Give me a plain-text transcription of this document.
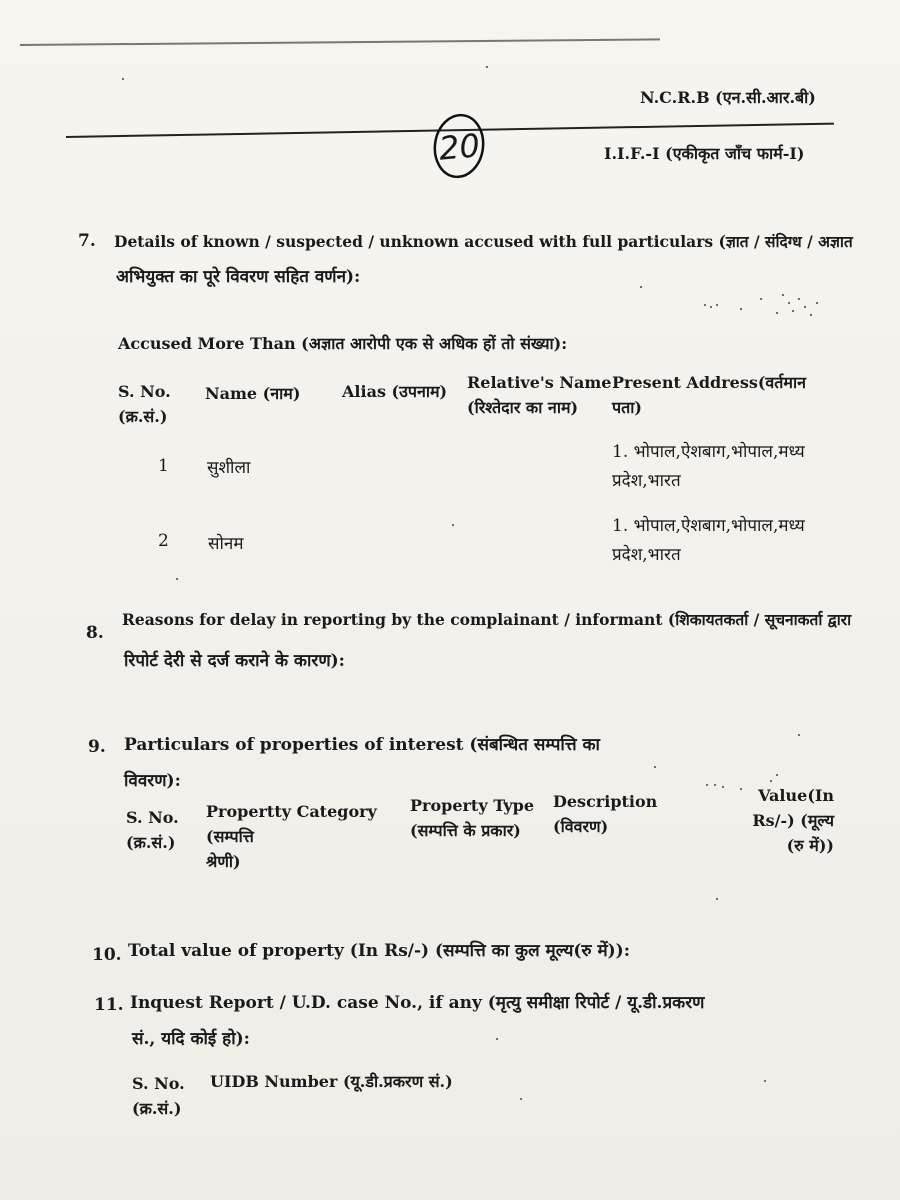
N.C.R.B (एन.सी.आर.बी)
20	I.I.F.-I (एकीकृत जाँच फार्म-I)
7. Details of known / suspected / unknown accused with full particulars (ज्ञात / संदिग्ध / अज्ञात
अभियुक्त का पूरे विवरण सहित वर्णन):
Accused More Than (अज्ञात आरोपी एक से अधिक हों तो संख्या):
S. No.
(क्र.सं.)
Name (नाम)	Alias (उपनाम) Relative's Name
(रिश्तेदार का नाम)
Present Address(वर्तमान
पता)
1 सुशीला
1. भोपाल,ऐशबाग,भोपाल,मध्य
प्रदेश,भारत
2 सोनम
1. भोपाल,ऐशबाग,भोपाल,मध्य
प्रदेश,भारत
8.
Reasons for delay in reporting by the complainant / informant (शिकायतकर्ता / सूचनाकर्ता द्वारा
रिपोर्ट देरी से दर्ज कराने के कारण):
9. Particulars of properties of interest (संबन्धित सम्पत्ति का
विवरण):
S. No.
(क्र.सं.)
Propertty Category
(सम्पत्ति
श्रेणी)
Property Type
(सम्पत्ति के प्रकार)
Description
(विवरण)
Value(In
Rs/-) (मूल्य
(रु में))
10. Total value of property (In Rs/-) (सम्पत्ति का कुल मूल्य(रु में)):
11. Inquest Report / U.D. case No., if any (मृत्यु समीक्षा रिपोर्ट / यू.डी.प्रकरण
सं., यदि कोई हो):
S. No.
(क्र.सं.)
UIDB Number (यू.डी.प्रकरण सं.)
